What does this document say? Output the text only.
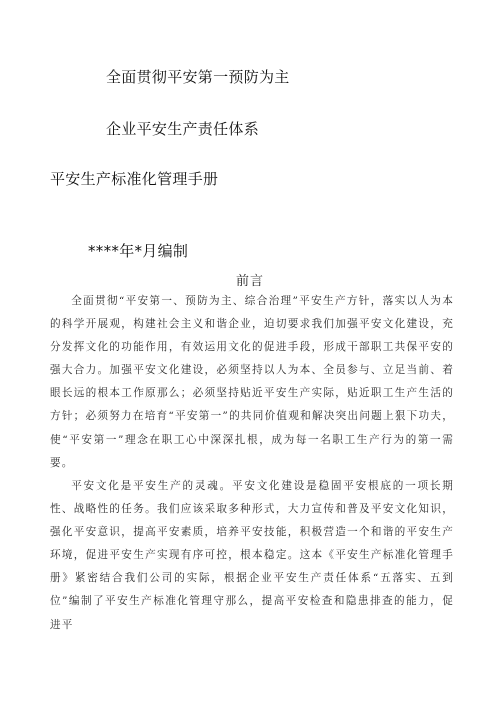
全面贯彻平安第一预防为主
企业平安生产责任体系
平安生产标准化管理手册
****年*月编制
前言

全面贯彻“平安第一、预防为主、综合治理”平安生产方针，落实以人为本的科学开展观，构建社会主义和谐企业，迫切要求我们加强平安文化建设，充分发挥文化的功能作用，有效运用文化的促进手段，形成干部职工共保平安的强大合力。加强平安文化建设，必须坚持以人为本、全员参与、立足当前、着眼长远的根本工作原那么；必须坚持贴近平安生产实际，贴近职工生产生活的方针；必须努力在培育“平安第一”的共同价值观和解决突出问题上狠下功夫，使“平安第一”理念在职工心中深深扎根，成为每一名职工生产行为的第一需要。

平安文化是平安生产的灵魂。平安文化建设是稳固平安根底的一项长期性、战略性的任务。我们应该采取多种形式，大力宣传和普及平安文化知识，强化平安意识，提高平安素质，培养平安技能，积极营造一个和谐的平安生产环境，促进平安生产实现有序可控，根本稳定。这本《平安生产标准化管理手册》紧密结合我们公司的实际，根据企业平安生产责任体系“五落实、五到位”编制了平安生产标准化管理守那么，提高平安检查和隐患排查的能力，促进平
